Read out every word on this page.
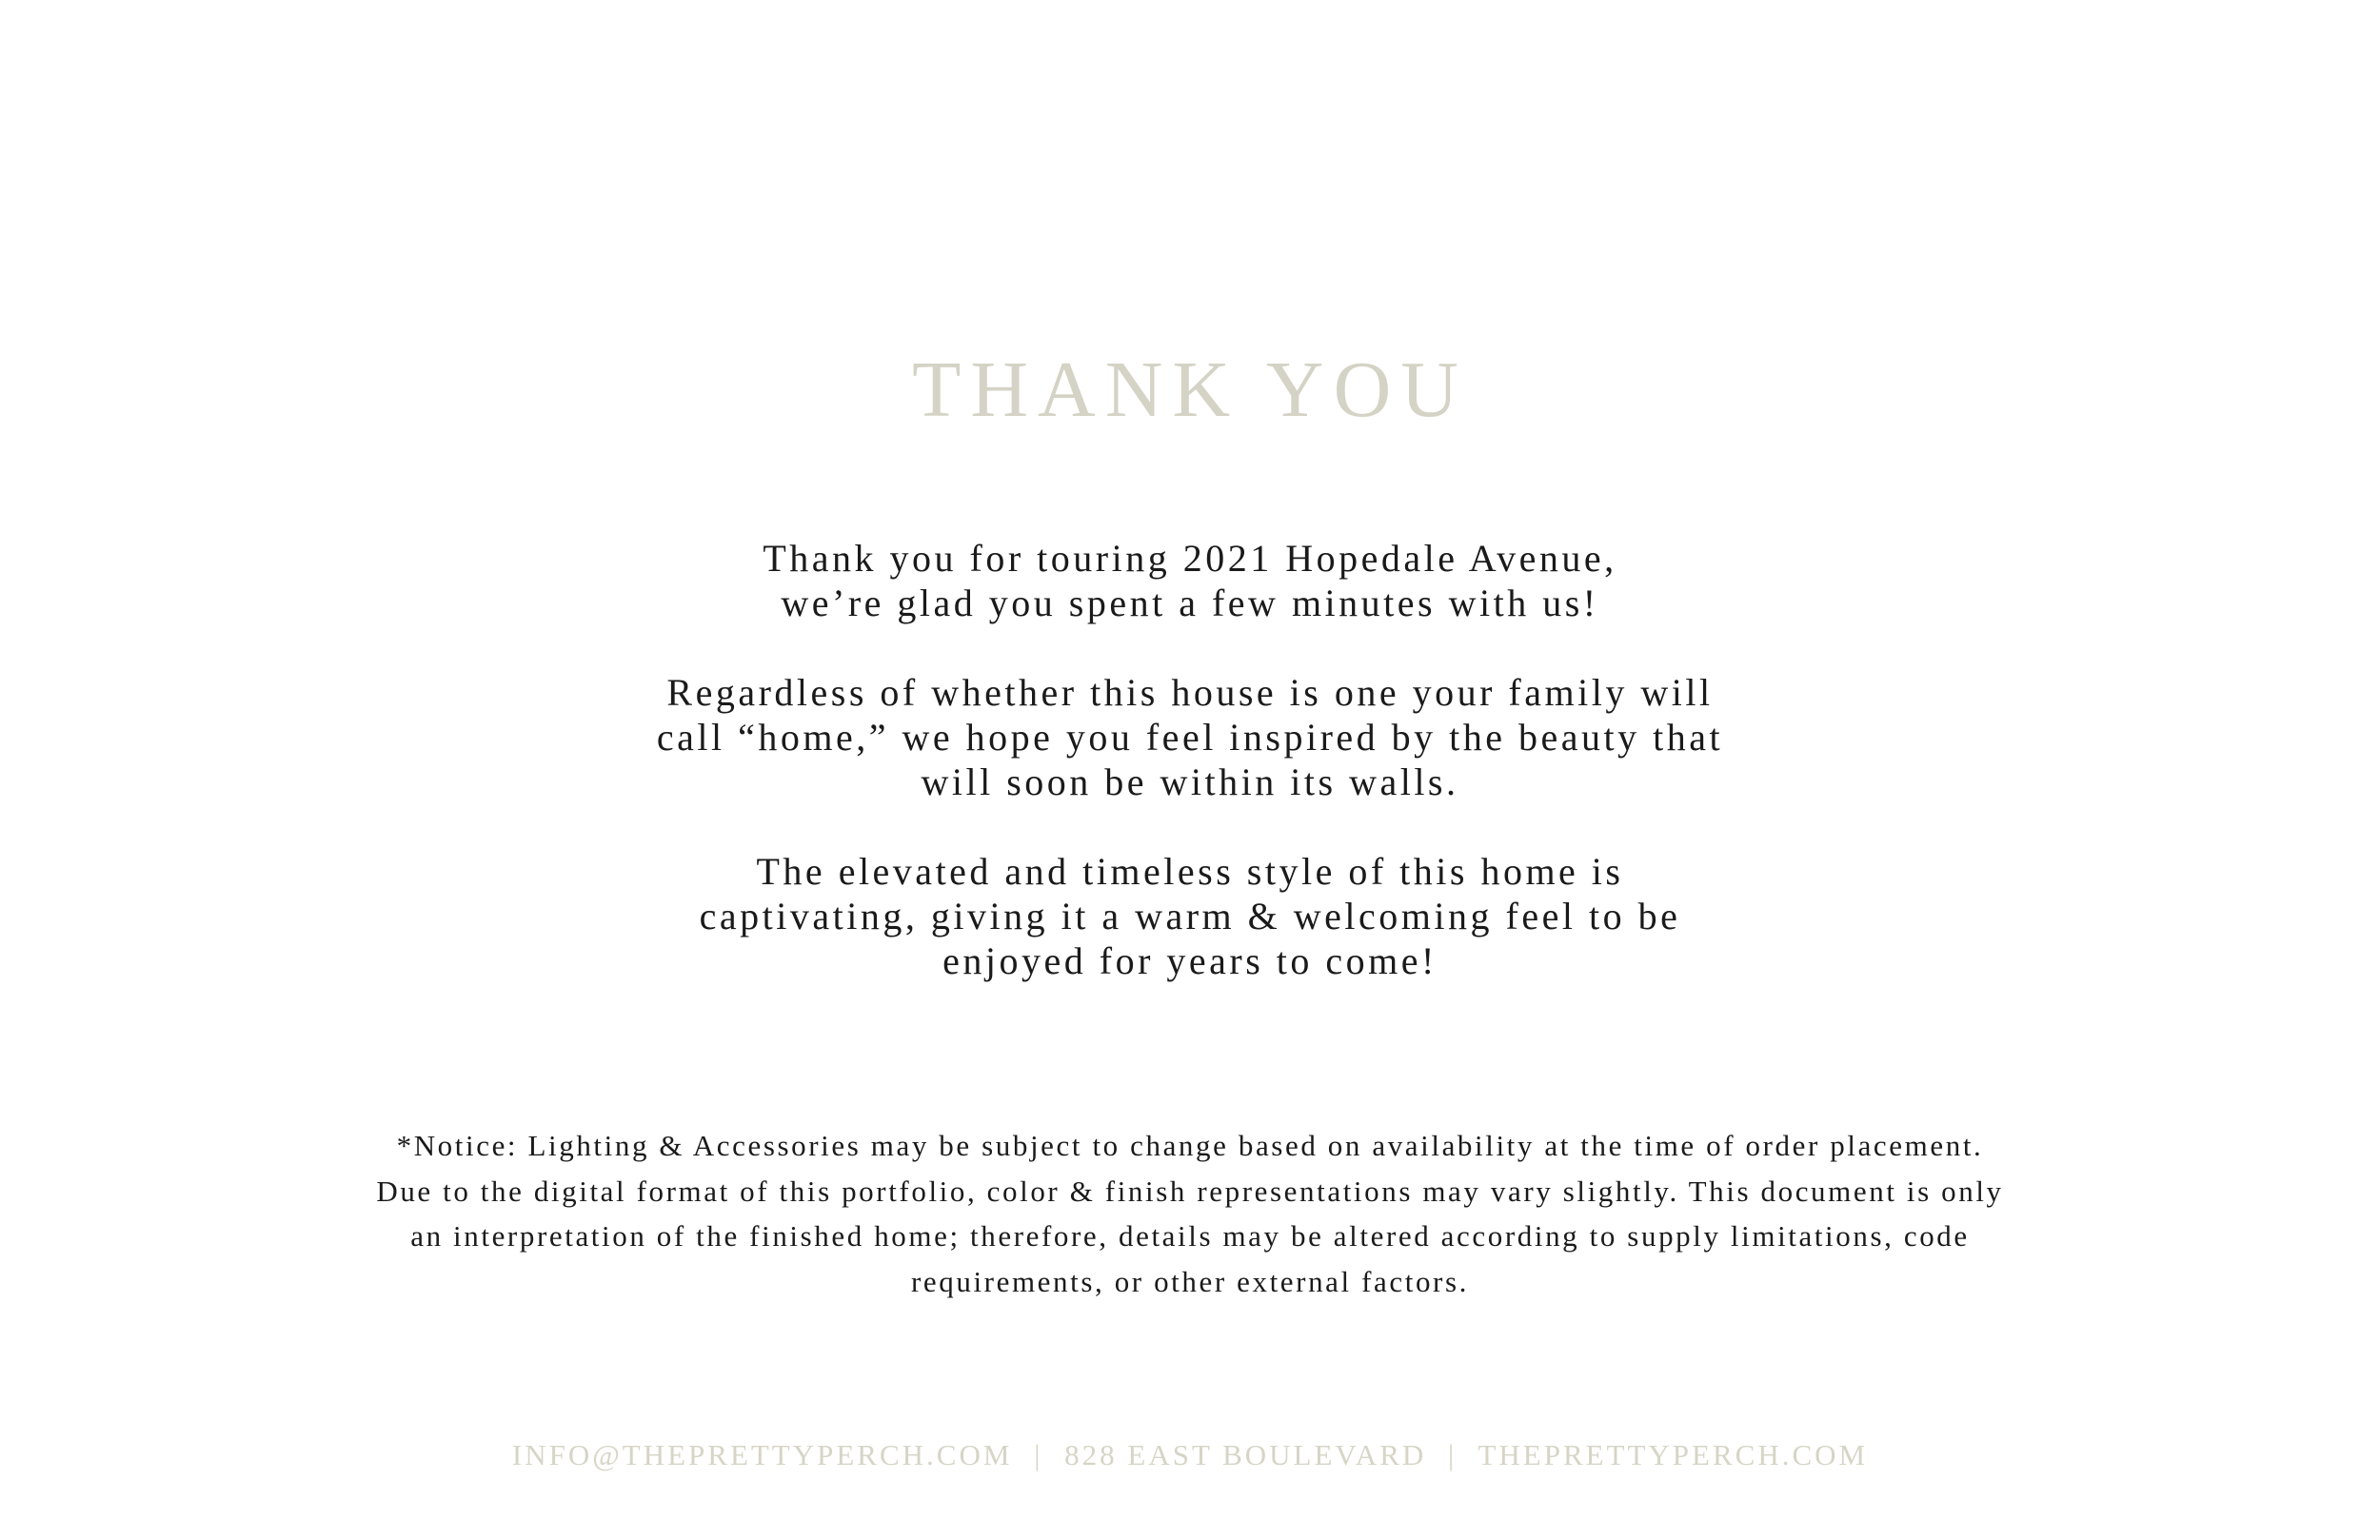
THANK YOU

Thank you for touring 2021 Hopedale Avenue,
we’re glad you spent a few minutes with us!

Regardless of whether this house is one your family will
call “home,” we hope you feel inspired by the beauty that
will soon be within its walls.

The elevated and timeless style of this home is
captivating, giving it a warm & welcoming feel to be
enjoyed for years to come!

*Notice: Lighting & Accessories may be subject to change based on availability at the time of order placement.
Due to the digital format of this portfolio, color & finish representations may vary slightly. This document is only
an interpretation of the finished home; therefore, details may be altered according to supply limitations, code
requirements, or other external factors.
INFO@THEPRETTYPERCH.COM | 828 EAST BOULEVARD | THEPRETTYPERCH.COM
